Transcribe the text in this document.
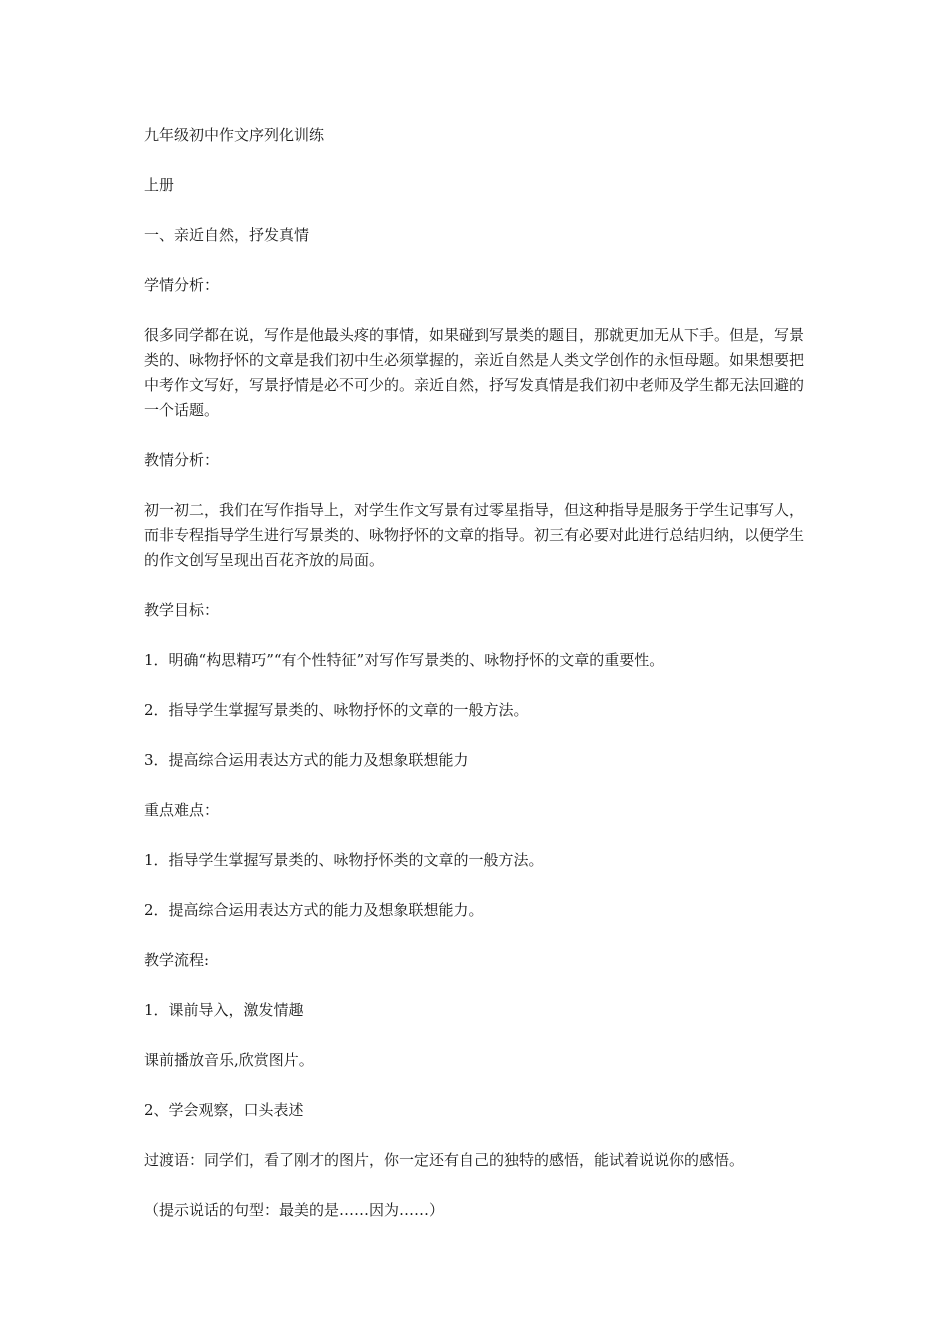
九年级初中作文序列化训练

上册

一、亲近自然，抒发真情

学情分析：

很多同学都在说，写作是他最头疼的事情，如果碰到写景类的题目，那就更加无从下手。但是，写景类的、咏物抒怀的文章是我们初中生必须掌握的，亲近自然是人类文学创作的永恒母题。如果想要把中考作文写好，写景抒情是必不可少的。亲近自然，抒写发真情是我们初中老师及学生都无法回避的一个话题。

教情分析：

初一初二，我们在写作指导上，对学生作文写景有过零星指导，但这种指导是服务于学生记事写人，而非专程指导学生进行写景类的、咏物抒怀的文章的指导。初三有必要对此进行总结归纳，以便学生的作文创写呈现出百花齐放的局面。

教学目标：

1．明确“构思精巧”“有个性特征”对写作写景类的、咏物抒怀的文章的重要性。

2．指导学生掌握写景类的、咏物抒怀的文章的一般方法。

3．提高综合运用表达方式的能力及想象联想能力

重点难点：

1．指导学生掌握写景类的、咏物抒怀类的文章的一般方法。

2．提高综合运用表达方式的能力及想象联想能力。

教学流程:

1．课前导入，激发情趣

课前播放音乐,欣赏图片。

2、学会观察，口头表述

过渡语：同学们，看了刚才的图片，你一定还有自己的独特的感悟，能试着说说你的感悟。

（提示说话的句型：最美的是……因为……）
